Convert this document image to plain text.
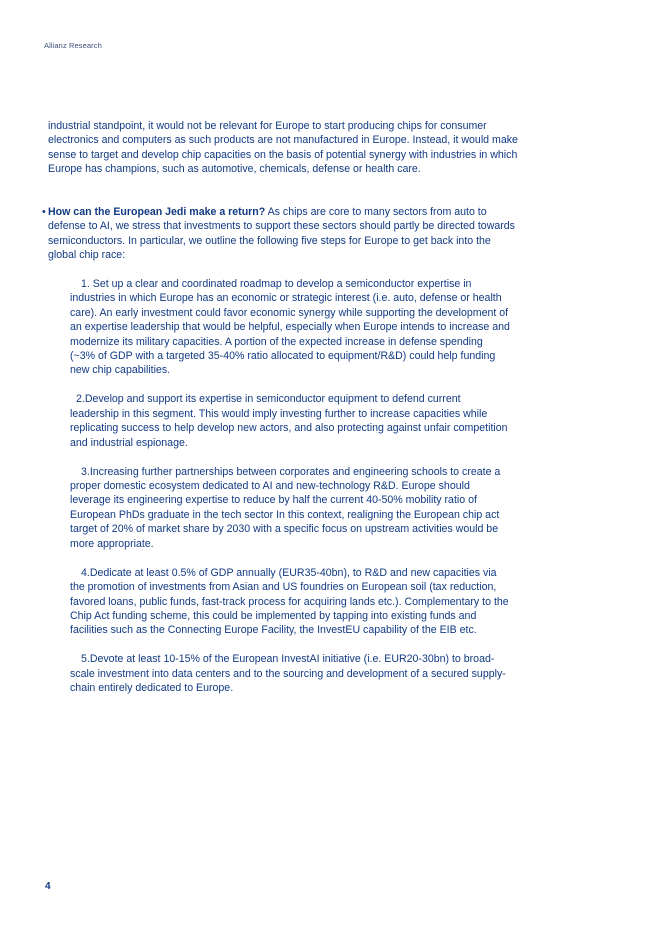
Allianz Research

industrial standpoint, it would not be relevant for Europe to start producing chips for consumer electronics and computers as such products are not manufactured in Europe. Instead, it would make sense to target and develop chip capacities on the basis of potential synergy with industries in which Europe has champions, such as automotive, chemicals, defense or health care.

• How can the European Jedi make a return? As chips are core to many sectors from auto to defense to AI, we stress that investments to support these sectors should partly be directed towards semiconductors. In particular, we outline the following five steps for Europe to get back into the global chip race:

1. Set up a clear and coordinated roadmap to develop a semiconductor expertise in industries in which Europe has an economic or strategic interest (i.e. auto, defense or health care). An early investment could favor economic synergy while supporting the development of an expertise leadership that would be helpful, especially when Europe intends to increase and modernize its military capacities. A portion of the expected increase in defense spending (~3% of GDP with a targeted 35-40% ratio allocated to equipment/R&D) could help funding new chip capabilities.

2.Develop and support its expertise in semiconductor equipment to defend current leadership in this segment. This would imply investing further to increase capacities while replicating success to help develop new actors, and also protecting against unfair competition and industrial espionage.

3.Increasing further partnerships between corporates and engineering schools to create a proper domestic ecosystem dedicated to AI and new-technology R&D. Europe should leverage its engineering expertise to reduce by half the current 40-50% mobility ratio of European PhDs graduate in the tech sector In this context, realigning the European chip act target of 20% of market share by 2030 with a specific focus on upstream activities would be more appropriate.

4.Dedicate at least 0.5% of GDP annually (EUR35-40bn), to R&D and new capacities via the promotion of investments from Asian and US foundries on European soil (tax reduction, favored loans, public funds, fast-track process for acquiring lands etc.). Complementary to the Chip Act funding scheme, this could be implemented by tapping into existing funds and facilities such as the Connecting Europe Facility, the InvestEU capability of the EIB etc.

5.Devote at least 10-15% of the European InvestAI initiative (i.e. EUR20-30bn) to broad-scale investment into data centers and to the sourcing and development of a secured supply-chain entirely dedicated to Europe.

4
